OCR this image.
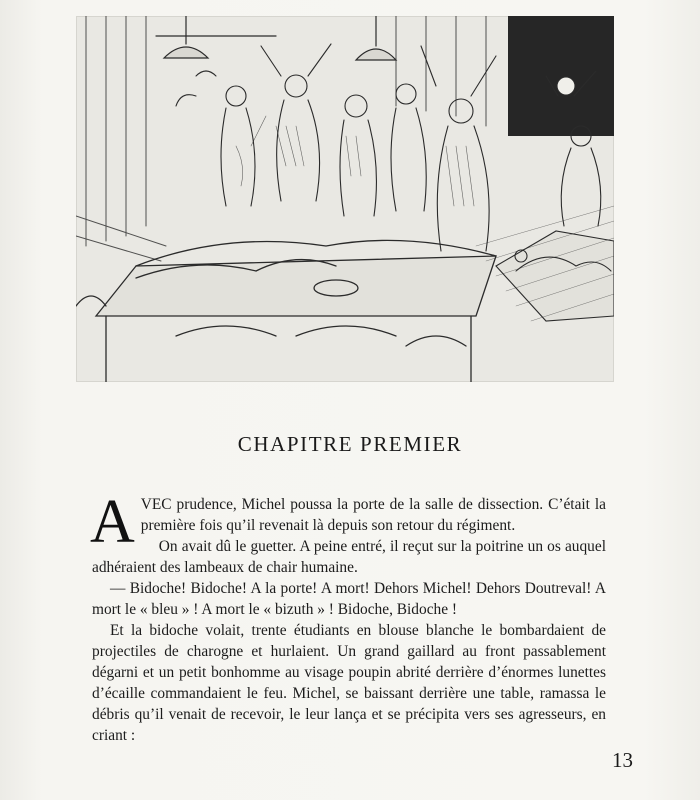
CHAPITRE PREMIER

AVEC prudence, Michel poussa la porte de la salle de dissection. C’était la première fois qu’il revenait là depuis son retour du régiment.

On avait dû le guetter. A peine entré, il reçut sur la poitrine un os auquel adhéraient des lambeaux de chair humaine.

— Bidoche! Bidoche! A la porte! A mort! Dehors Michel! Dehors Doutreval! A mort le « bleu » ! A mort le « bizuth » ! Bidoche, Bidoche !

Et la bidoche volait, trente étudiants en blouse blanche le bombardaient de projectiles de charogne et hurlaient. Un grand gaillard au front passablement dégarni et un petit bonhomme au visage poupin abrité derrière d’énormes lunettes d’écaille commandaient le feu. Michel, se baissant derrière une table, ramassa le débris qu’il venait de recevoir, le leur lança et se précipita vers ses agresseurs, en criant :

13
